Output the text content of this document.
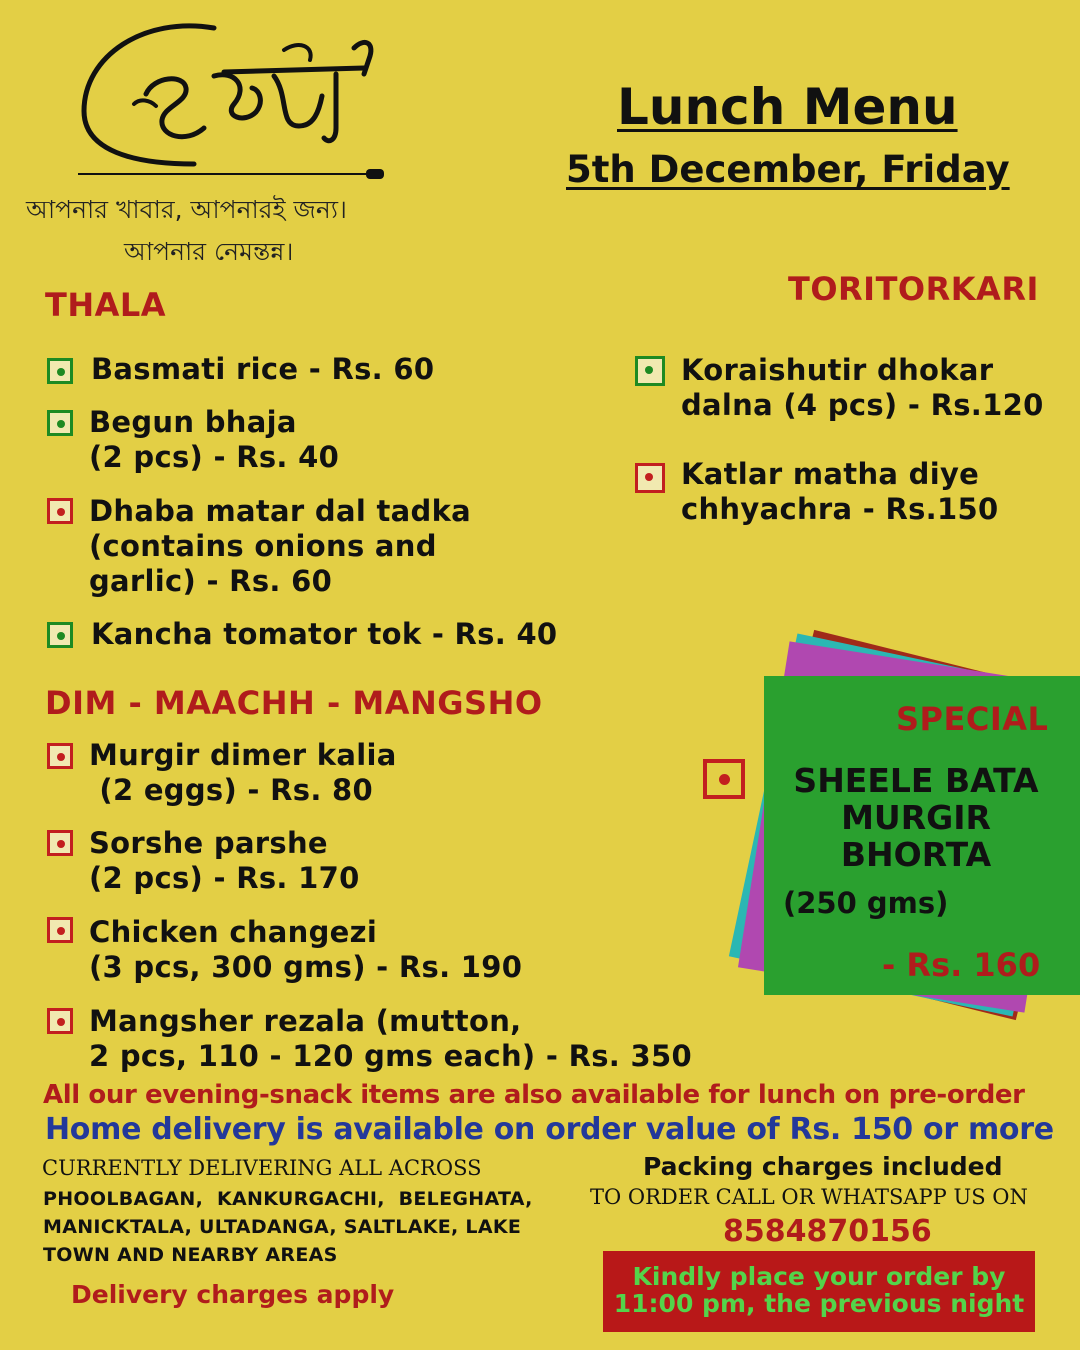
আপনার খাবার, আপনারই জন্য।
আপনার নেমন্তন্ন।
Lunch Menu
5th December, Friday
THALA
Basmati rice - Rs. 60
Begun bhaja
(2 pcs) - Rs. 40
Dhaba matar dal tadka
(contains onions and
garlic) - Rs. 60
Kancha tomator tok - Rs. 40
TORITORKARI
Koraishutir dhokar
dalna (4 pcs) - Rs.120
Katlar matha diye
chhyachra - Rs.150
DIM - MAACHH - MANGSHO
Murgir dimer kalia
(2 eggs) - Rs. 80
Sorshe parshe
(2 pcs) - Rs. 170
Chicken changezi
(3 pcs, 300 gms) - Rs. 190
Mangsher rezala (mutton,
2 pcs, 110 - 120 gms each) - Rs. 350
SPECIAL
SHEELE BATA
MURGIR
BHORTA
(250 gms)
- Rs. 160
All our evening-snack items are also available for lunch on pre-order
Home delivery is available on order value of Rs. 150 or more
CURRENTLY DELIVERING ALL ACROSS
PHOOLBAGAN,  KANKURGACHI,  BELEGHATA,
MANICKTALA, ULTADANGA, SALTLAKE, LAKE
TOWN AND NEARBY AREAS
Delivery charges apply
Packing charges included
TO ORDER CALL OR WHATSAPP US ON
8584870156
Kindly place your order by
11:00 pm, the previous night
